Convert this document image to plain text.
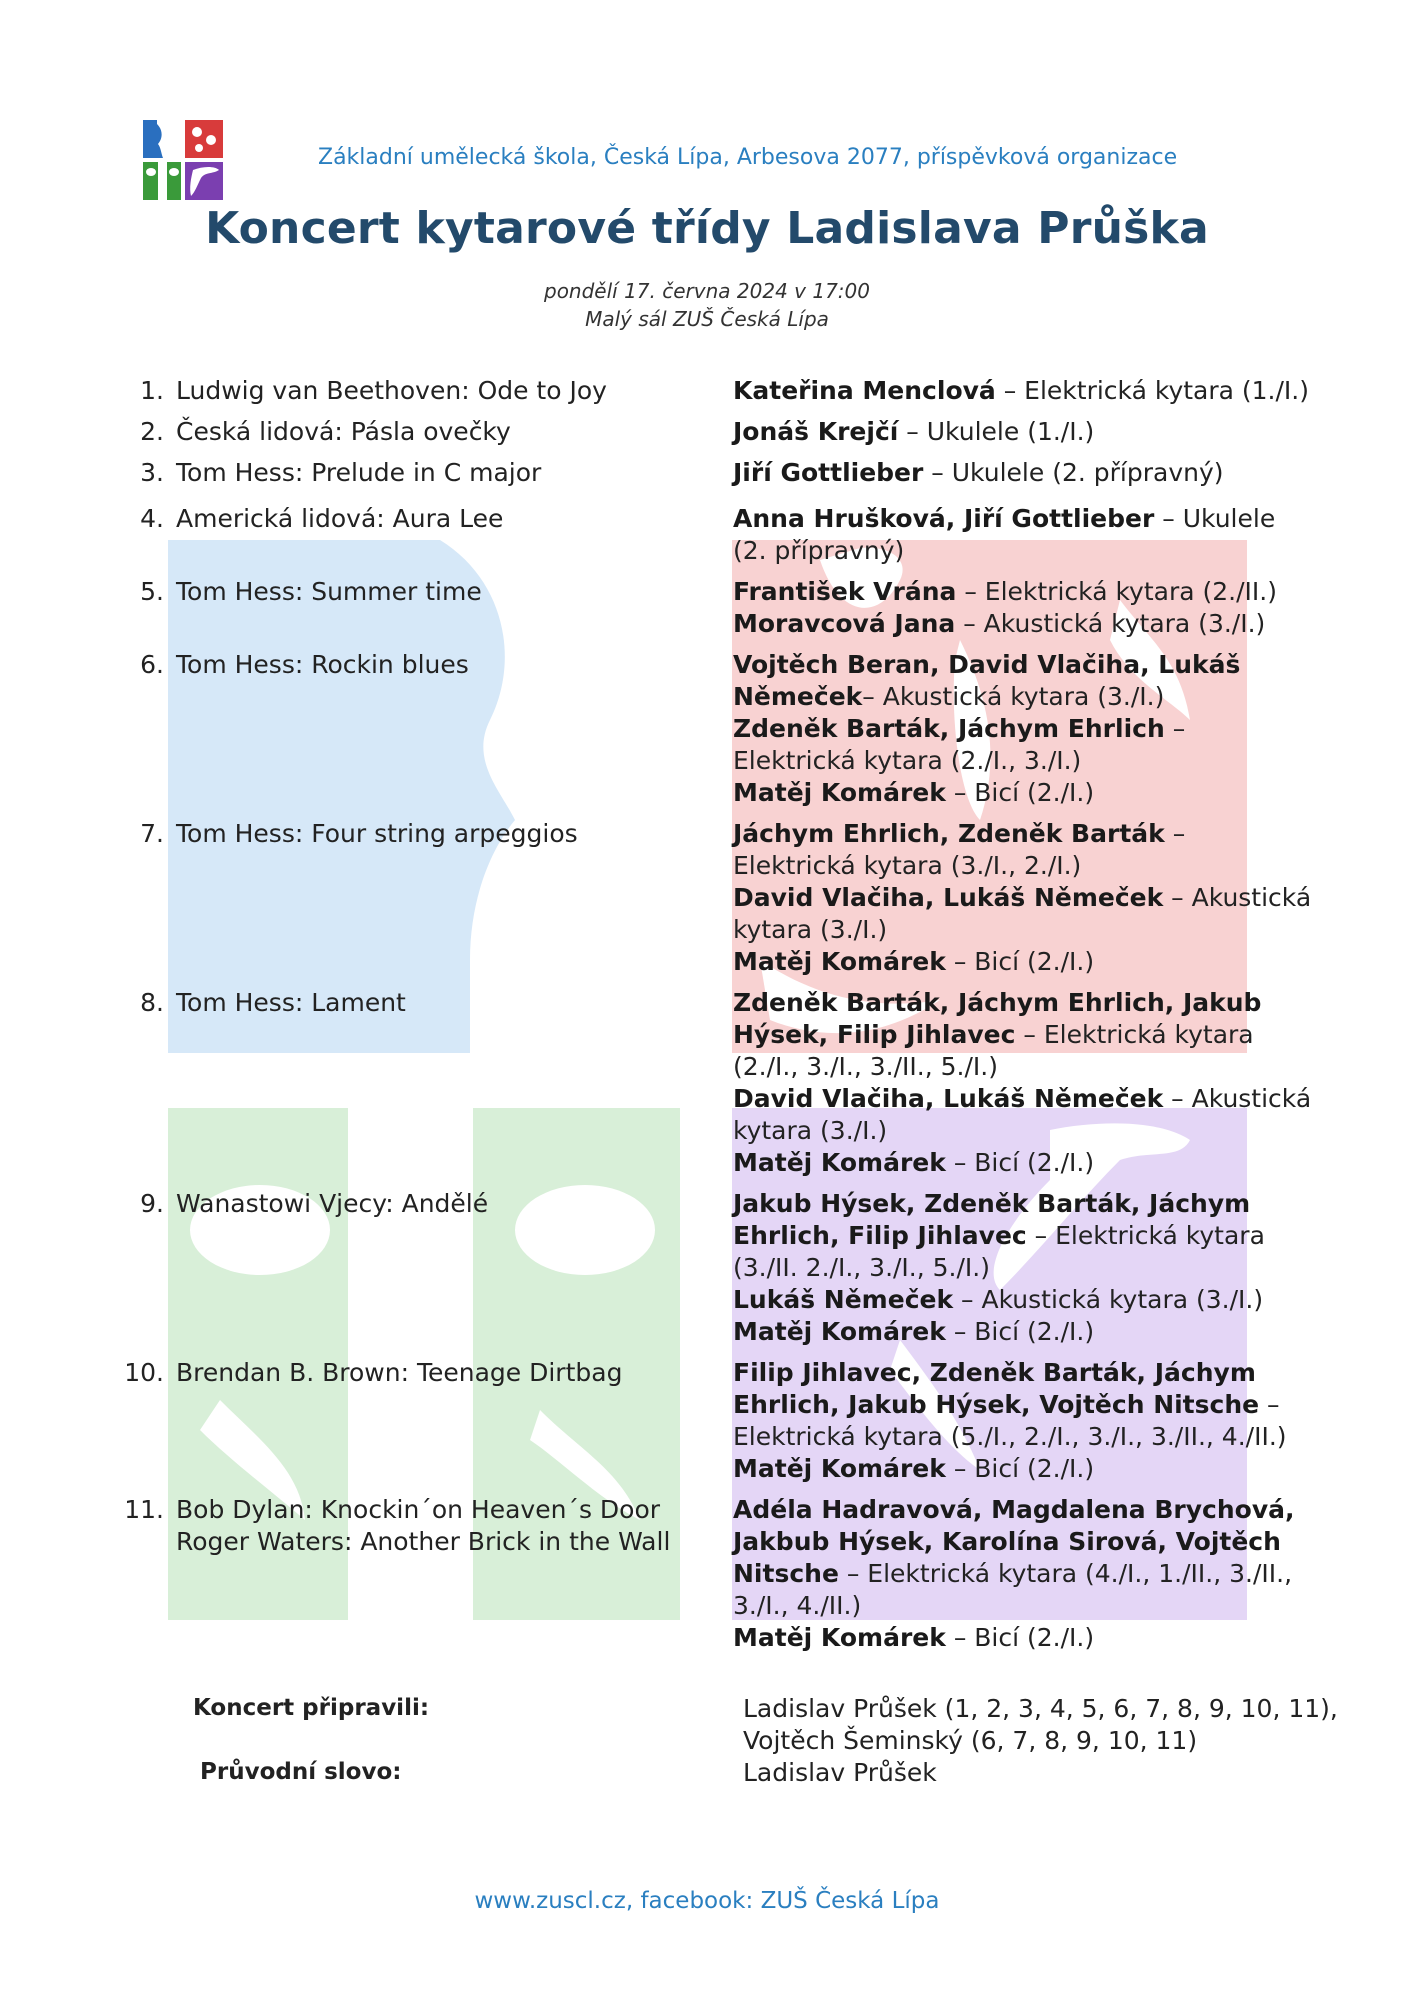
Základní umělecká škola, Česká Lípa, Arbesova 2077, příspěvková organizace
Koncert kytarové třídy Ladislava Průška
pondělí 17. června 2024 v 17:00
Malý sál ZUŠ Česká Lípa
1. Ludwig van Beethoven: Ode to Joy	Kateřina Menclová – Elektrická kytara (1./I.)
2. Česká lidová: Pásla ovečky	Jonáš Krejčí – Ukulele (1./I.)
3. Tom Hess: Prelude in C major	Jiří Gottlieber – Ukulele (2. přípravný)
4. Americká lidová: Aura Lee	Anna Hrušková, Jiří Gottlieber – Ukulele (2. přípravný)
5. Tom Hess: Summer time	František Vrána – Elektrická kytara (2./II.)
Moravcová Jana – Akustická kytara (3./I.)
6. Tom Hess: Rockin blues	Vojtěch Beran, David Vlačiha, Lukáš Němeček– Akustická kytara (3./I.)
Zdeněk Barták, Jáchym Ehrlich – Elektrická kytara (2./I., 3./I.)
Matěj Komárek – Bicí (2./I.)
7. Tom Hess: Four string arpeggios	Jáchym Ehrlich, Zdeněk Barták – Elektrická kytara (3./I., 2./I.)
David Vlačiha, Lukáš Němeček – Akustická kytara (3./I.)
Matěj Komárek – Bicí (2./I.)
8. Tom Hess: Lament	Zdeněk Barták, Jáchym Ehrlich, Jakub Hýsek, Filip Jihlavec – Elektrická kytara (2./I., 3./I., 3./II., 5./I.)
David Vlačiha, Lukáš Němeček – Akustická kytara (3./I.)
Matěj Komárek – Bicí (2./I.)
9. Wanastowi Vjecy: Andělé	Jakub Hýsek, Zdeněk Barták, Jáchym Ehrlich, Filip Jihlavec – Elektrická kytara (3./II. 2./I., 3./I., 5./I.)
Lukáš Němeček – Akustická kytara (3./I.)
Matěj Komárek – Bicí (2./I.)
10. Brendan B. Brown: Teenage Dirtbag	Filip Jihlavec, Zdeněk Barták, Jáchym Ehrlich, Jakub Hýsek, Vojtěch Nitsche – Elektrická kytara (5./I., 2./I., 3./I., 3./II., 4./II.)
Matěj Komárek – Bicí (2./I.)
11. Bob Dylan: Knockin´on Heaven´s Door
Roger Waters: Another Brick in the Wall
Adéla Hadravová, Magdalena Brychová, Jakbub Hýsek, Karolína Sirová, Vojtěch Nitsche – Elektrická kytara (4./I., 1./II., 3./II., 3./I., 4./II.)
Matěj Komárek – Bicí (2./I.)
Koncert připravili:	Ladislav Průšek (1, 2, 3, 4, 5, 6, 7, 8, 9, 10, 11),
Vojtěch Šeminský (6, 7, 8, 9, 10, 11)
Průvodní slovo:	Ladislav Průšek
www.zuscl.cz, facebook: ZUŠ Česká Lípa
